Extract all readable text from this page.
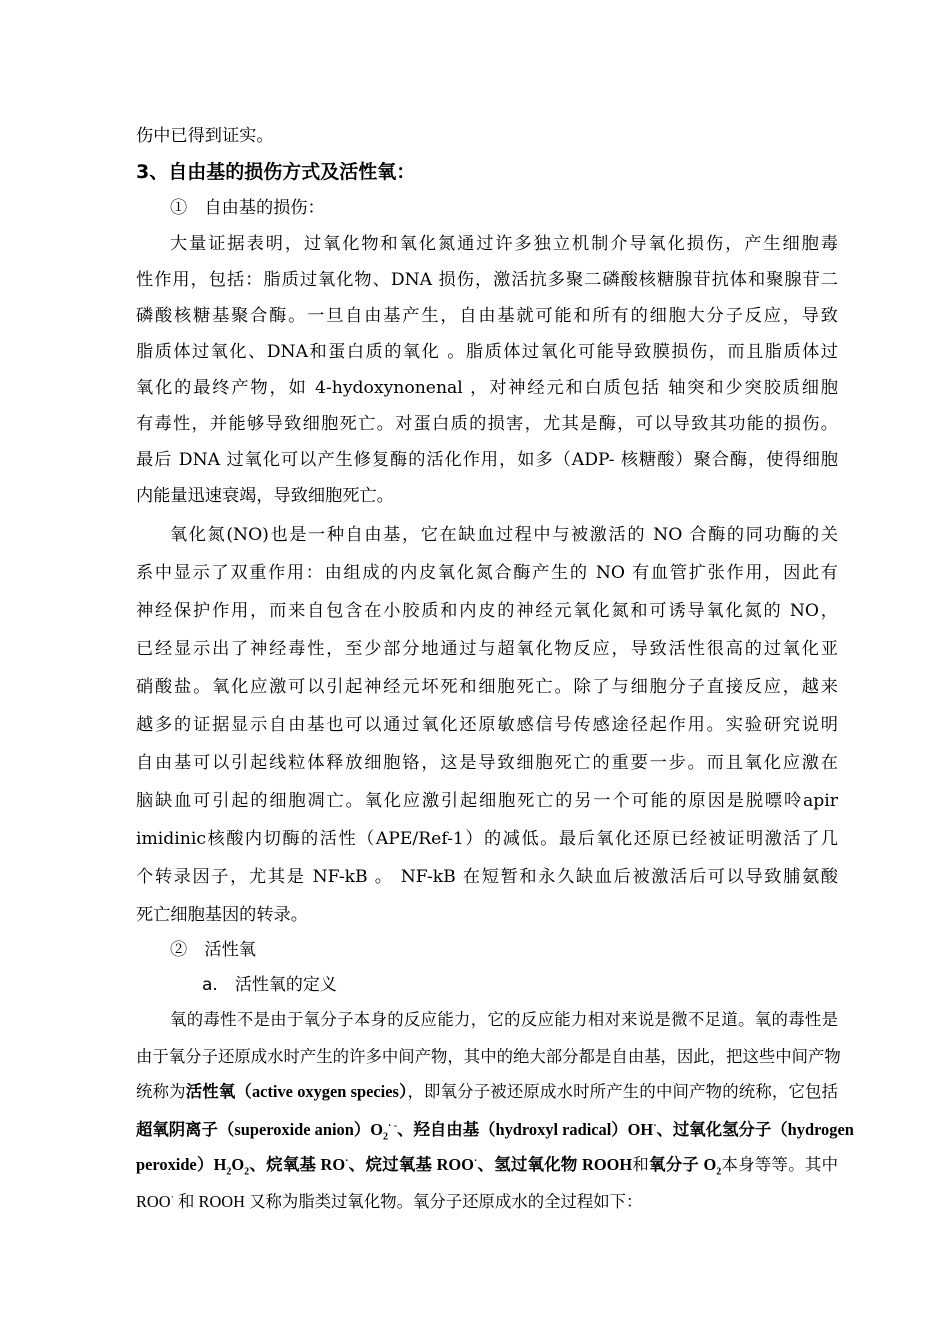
伤中已得到证实。
3、自由基的损伤方式及活性氧：
①　自由基的损伤：
大量证据表明，过氧化物和氧化氮通过许多独立机制介导氧化损伤，产生细胞毒
性作用，包括：脂质过氧化物、DNA 损伤，激活抗多聚二磷酸核糖腺苷抗体和聚腺苷二
磷酸核糖基聚合酶。一旦自由基产生，自由基就可能和所有的细胞大分子反应，导致
脂质体过氧化、DNA和蛋白质的氧化 。脂质体过氧化可能导致膜损伤，而且脂质体过
氧化的最终产物，如 4-hydoxynonenal ，对神经元和白质包括 轴突和少突胶质细胞
有毒性，并能够导致细胞死亡。对蛋白质的损害，尤其是酶，可以导致其功能的损伤。
最后 DNA 过氧化可以产生修复酶的活化作用，如多（ADP- 核糖酸）聚合酶，使得细胞
内能量迅速衰竭，导致细胞死亡。
氧化氮(NO)也是一种自由基，它在缺血过程中与被激活的 NO 合酶的同功酶的关
系中显示了双重作用：由组成的内皮氧化氮合酶产生的 NO 有血管扩张作用，因此有
神经保护作用，而来自包含在小胶质和内皮的神经元氧化氮和可诱导氧化氮的 NO，
已经显示出了神经毒性，至少部分地通过与超氧化物反应，导致活性很高的过氧化亚
硝酸盐。氧化应激可以引起神经元坏死和细胞死亡。除了与细胞分子直接反应，越来
越多的证据显示自由基也可以通过氧化还原敏感信号传感途径起作用。实验研究说明
自由基可以引起线粒体释放细胞铬，这是导致细胞死亡的重要一步。而且氧化应激在
脑缺血可引起的细胞凋亡。氧化应激引起细胞死亡的另一个可能的原因是脱嘌呤apir
imidinic核酸内切酶的活性（APE/Ref-1）的减低。最后氧化还原已经被证明激活了几
个转录因子，尤其是 NF-kB 。 NF-kB 在短暂和永久缺血后被激活后可以导致脯氨酸
死亡细胞基因的转录。
②　活性氧
a.　活性氧的定义
氧的毒性不是由于氧分子本身的反应能力，它的反应能力相对来说是微不足道。氧的毒性是
由于氧分子还原成水时产生的许多中间产物，其中的绝大部分都是自由基，因此，把这些中间产物
统称为活性氧（active oxygen species），即氧分子被还原成水时所产生的中间产物的统称，它包括
超氧阴离子（superoxide $anion)O_2^{\cdot -}$、羟自由基（hydroxyl radical）OH·、过氧化氢分子（hydrogen
$peroxide)H_2O_2$、烷氧基 RO·、烷过氧基 ROO·、氢过氧化物 ROOH和氧分子 $O_2$本身等等。其中
ROO· 和 ROOH 又称为脂类过氧化物。氧分子还原成水的全过程如下：
